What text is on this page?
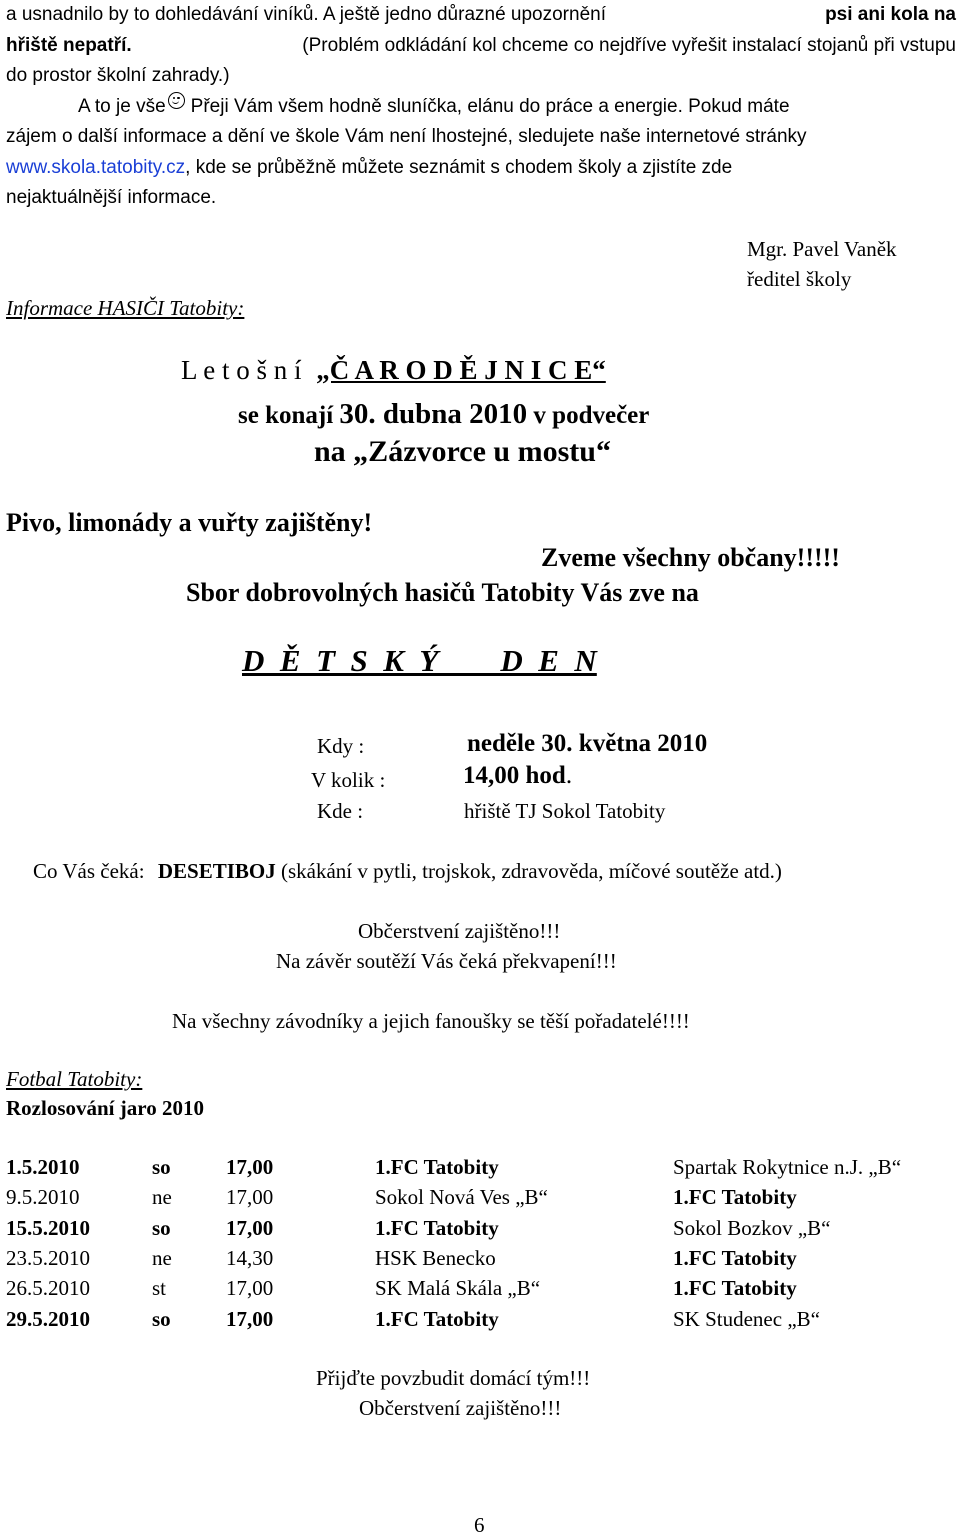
a usnadnilo by to dohledávání viníků. A ještě jedno důrazné upozornění	psi ani kola na
hřiště nepatří.	(Problém odkládání kol chceme co nejdříve vyřešit instalací stojanů při vstupu
do prostor školní zahrady.)
A to je vše Přeji Vám všem hodně sluníčka, elánu do práce a energie. Pokud máte
zájem o další informace a dění ve škole Vám není lhostejné, sledujete naše internetové stránky
www.skola.tatobity.cz, kde se průběžně můžete seznámit s chodem školy a zjistíte zde
nejaktuálnější informace.
Mgr. Pavel Vaněk
ředitel školy
Informace HASIČI Tatobity:
L e t o š n í „Č A R O D Ě J N I C E“
se konají 30. dubna 2010 v podvečer
na „Zázvorce u mostu“
Pivo, limonády a vuřty zajištěny!
Zveme všechny občany!!!!!
Sbor dobrovolných hasičů Tatobity Vás zve na
D  Ě  T  S  K  Ý        D  E  N
Kdy :	neděle 30. května 2010
V kolik :	14,00 hod.
Kde :	hřiště TJ Sokol Tatobity
Co Vás čeká: DESETIBOJ (skákání v pytli, trojskok, zdravověda, míčové soutěže atd.)
Občerstvení zajištěno!!!
Na závěr soutěží Vás čeká překvapení!!!
Na všechny závodníky a jejich fanoušky se těší pořadatelé!!!!
Fotbal Tatobity:
Rozlosování jaro 2010
1.5.2010	so	17,00	1.FC Tatobity	Spartak Rokytnice n.J. „B“
9.5.2010	ne	17,00	Sokol Nová Ves „B“	1.FC Tatobity
15.5.2010	so	17,00	1.FC Tatobity	Sokol Bozkov „B“
23.5.2010	ne	14,30	HSK Benecko	1.FC Tatobity
26.5.2010	st	17,00	SK Malá Skála „B“	1.FC Tatobity
29.5.2010	so	17,00	1.FC Tatobity	SK Studenec „B“
Přijďte povzbudit domácí tým!!!
Občerstvení zajištěno!!!
6
